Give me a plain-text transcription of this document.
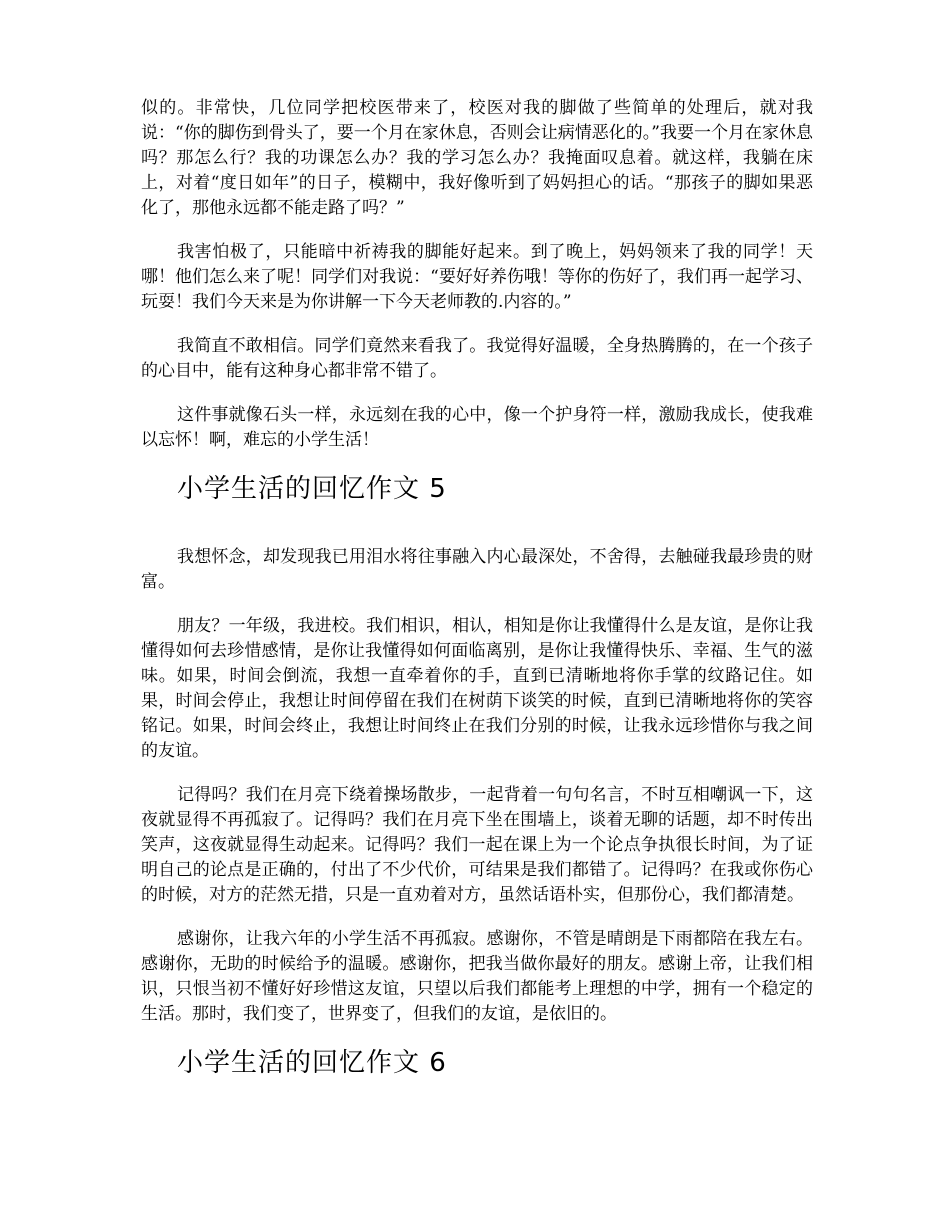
似的。非常快，几位同学把校医带来了，校医对我的脚做了些简单的处理后，就对我说：“你的脚伤到骨头了，要一个月在家休息，否则会让病情恶化的。”我要一个月在家休息吗？那怎么行？我的功课怎么办？我的学习怎么办？我掩面叹息着。就这样，我躺在床上，对着“度日如年”的日子，模糊中，我好像听到了妈妈担心的话。“那孩子的脚如果恶化了，那他永远都不能走路了吗？”

我害怕极了，只能暗中祈祷我的脚能好起来。到了晚上，妈妈领来了我的同学！天哪！他们怎么来了呢！同学们对我说：“要好好养伤哦！等你的伤好了，我们再一起学习、玩耍！我们今天来是为你讲解一下今天老师教的.内容的。”

我简直不敢相信。同学们竟然来看我了。我觉得好温暖，全身热腾腾的，在一个孩子的心目中，能有这种身心都非常不错了。

这件事就像石头一样，永远刻在我的心中，像一个护身符一样，激励我成长，使我难以忘怀！啊，难忘的小学生活！

小学生活的回忆作文 5

我想怀念，却发现我已用泪水将往事融入内心最深处，不舍得，去触碰我最珍贵的财富。

朋友？一年级，我进校。我们相识，相认，相知是你让我懂得什么是友谊，是你让我懂得如何去珍惜感情，是你让我懂得如何面临离别，是你让我懂得快乐、幸福、生气的滋味。如果，时间会倒流，我想一直牵着你的手，直到已清晰地将你手掌的纹路记住。如果，时间会停止，我想让时间停留在我们在树荫下谈笑的时候，直到已清晰地将你的笑容铭记。如果，时间会终止，我想让时间终止在我们分别的时候，让我永远珍惜你与我之间的友谊。

记得吗？我们在月亮下绕着操场散步，一起背着一句句名言，不时互相嘲讽一下，这夜就显得不再孤寂了。记得吗？我们在月亮下坐在围墙上，谈着无聊的话题，却不时传出笑声，这夜就显得生动起来。记得吗？我们一起在课上为一个论点争执很长时间，为了证明自己的论点是正确的，付出了不少代价，可结果是我们都错了。记得吗？在我或你伤心的时候，对方的茫然无措，只是一直劝着对方，虽然话语朴实，但那份心，我们都清楚。

感谢你，让我六年的小学生活不再孤寂。感谢你，不管是晴朗是下雨都陪在我左右。感谢你，无助的时候给予的温暖。感谢你，把我当做你最好的朋友。感谢上帝，让我们相识，只恨当初不懂好好珍惜这友谊，只望以后我们都能考上理想的中学，拥有一个稳定的生活。那时，我们变了，世界变了，但我们的友谊，是依旧的。

小学生活的回忆作文 6
